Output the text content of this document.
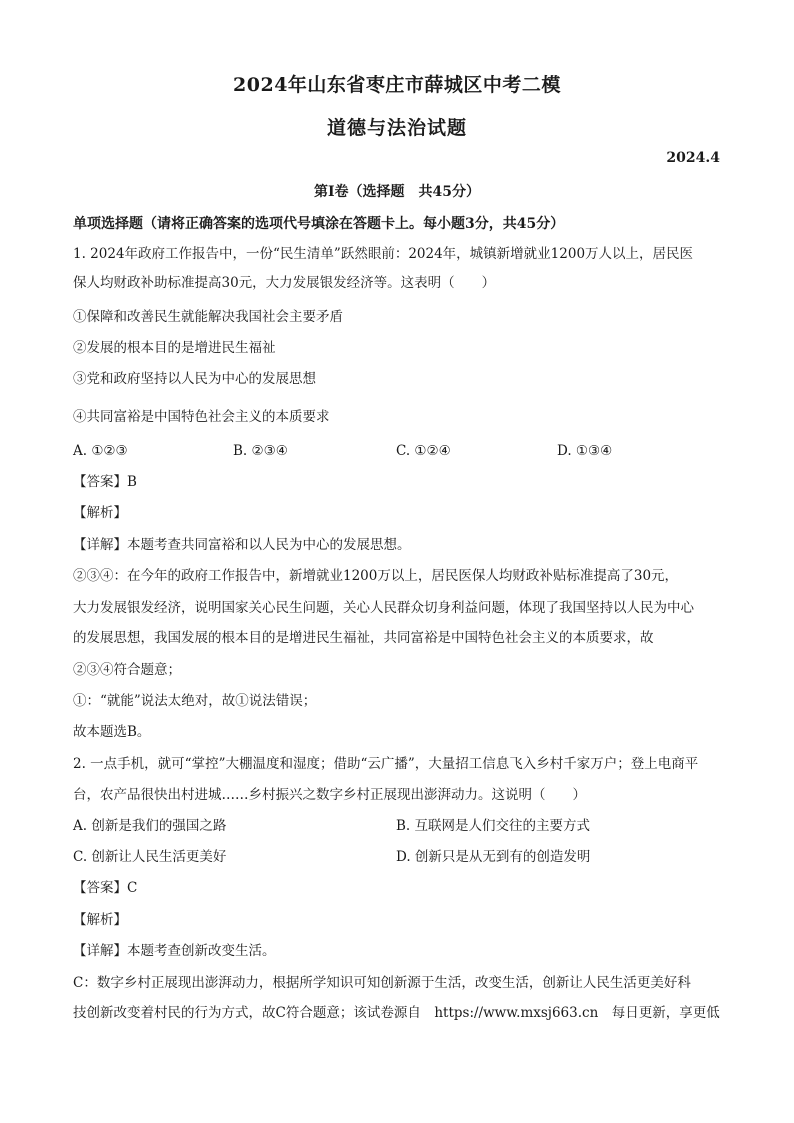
2024年山东省枣庄市薛城区中考二模
道德与法治试题
2024.4
第Ⅰ卷（选择题　共45分）
单项选择题（请将正确答案的选项代号填涂在答题卡上。每小题3分，共45分）
1. 2024年政府工作报告中，一份“民生清单”跃然眼前：2024年，城镇新增就业1200万人以上，居民医
保人均财政补助标准提高30元，大力发展银发经济等。这表明（　　）
①保障和改善民生就能解决我国社会主要矛盾
②发展的根本目的是增进民生福祉
③党和政府坚持以人民为中心的发展思想
④共同富裕是中国特色社会主义的本质要求
A. ①②③	B. ②③④	C. ①②④	D. ①③④
【答案】B
【解析】
【详解】本题考查共同富裕和以人民为中心的发展思想。
②③④：在今年的政府工作报告中，新增就业1200万以上，居民医保人均财政补贴标准提高了30元，
大力发展银发经济，说明国家关心民生问题，关心人民群众切身利益问题，体现了我国坚持以人民为中心
的发展思想，我国发展的根本目的是增进民生福祉，共同富裕是中国特色社会主义的本质要求，故
②③④符合题意；
①：“就能”说法太绝对，故①说法错误；
故本题选B。
2. 一点手机，就可“掌控”大棚温度和湿度；借助“云广播”，大量招工信息飞入乡村千家万户；登上电商平
台，农产品很快出村进城……乡村振兴之数字乡村正展现出澎湃动力。这说明（　　）
A. 创新是我们的强国之路	B. 互联网是人们交往的主要方式
C. 创新让人民生活更美好	D. 创新只是从无到有的创造发明
【答案】C
【解析】
【详解】本题考查创新改变生活。
C：数字乡村正展现出澎湃动力，根据所学知识可知创新源于生活，改变生活，创新让人民生活更美好科
技创新改变着村民的行为方式，故C符合题意；该试卷源自　https://www.mxsj663.cn　每日更新，享更低
